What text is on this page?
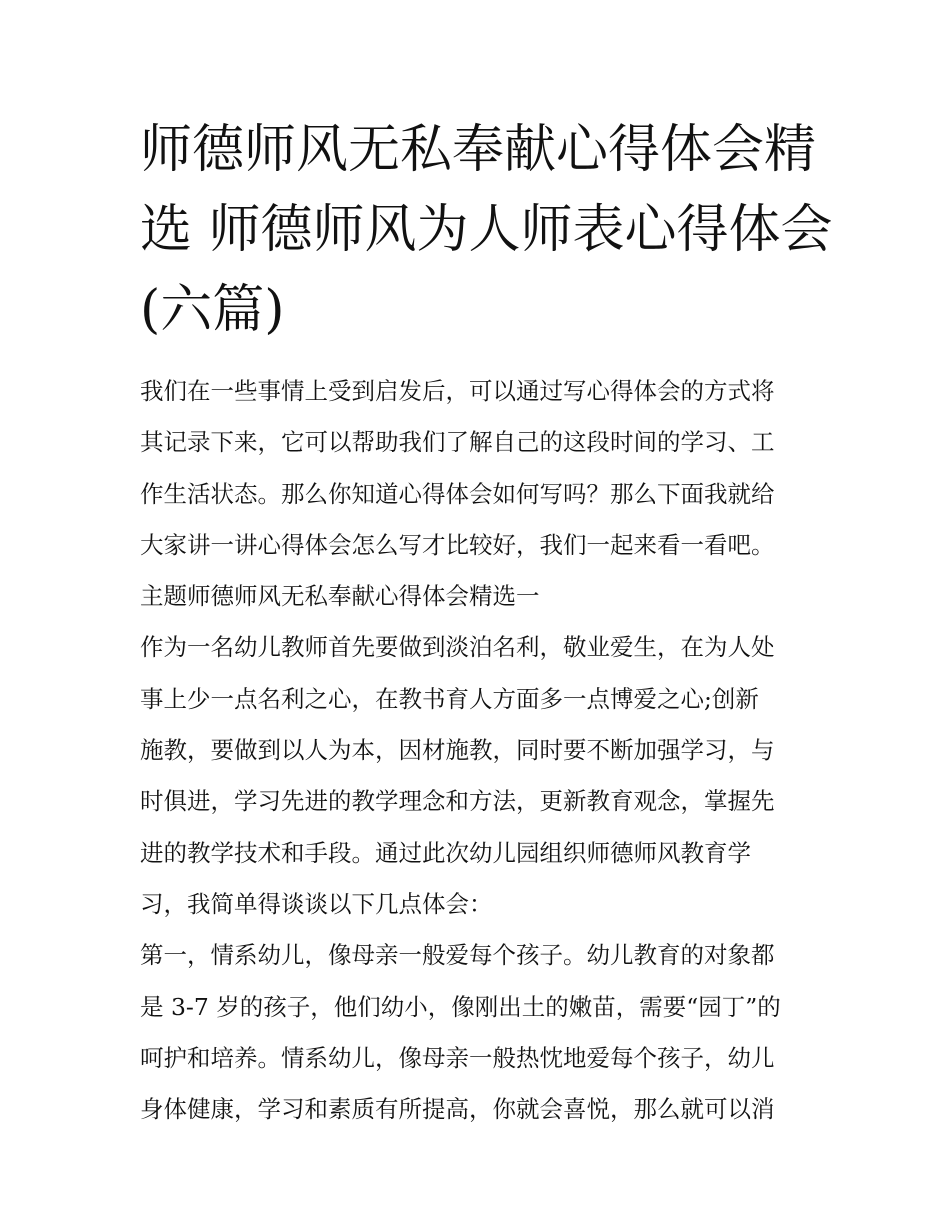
师德师风无私奉献心得体会精
选 师德师风为人师表心得体会
(六篇)
我们在一些事情上受到启发后，可以通过写心得体会的方式将
其记录下来，它可以帮助我们了解自己的这段时间的学习、工
作生活状态。那么你知道心得体会如何写吗？那么下面我就给
大家讲一讲心得体会怎么写才比较好，我们一起来看一看吧。
主题师德师风无私奉献心得体会精选一
作为一名幼儿教师首先要做到淡泊名利，敬业爱生，在为人处
事上少一点名利之心，在教书育人方面多一点博爱之心;创新
施教，要做到以人为本，因材施教，同时要不断加强学习，与
时俱进，学习先进的教学理念和方法，更新教育观念，掌握先
进的教学技术和手段。通过此次幼儿园组织师德师风教育学
习，我简单得谈谈以下几点体会：
第一，情系幼儿，像母亲一般爱每个孩子。幼儿教育的对象都
是 3-7 岁的孩子，他们幼小，像刚出土的嫩苗，需要“园丁”的
呵护和培养。情系幼儿，像母亲一般热忱地爱每个孩子，幼儿
身体健康，学习和素质有所提高，你就会喜悦，那么就可以消
